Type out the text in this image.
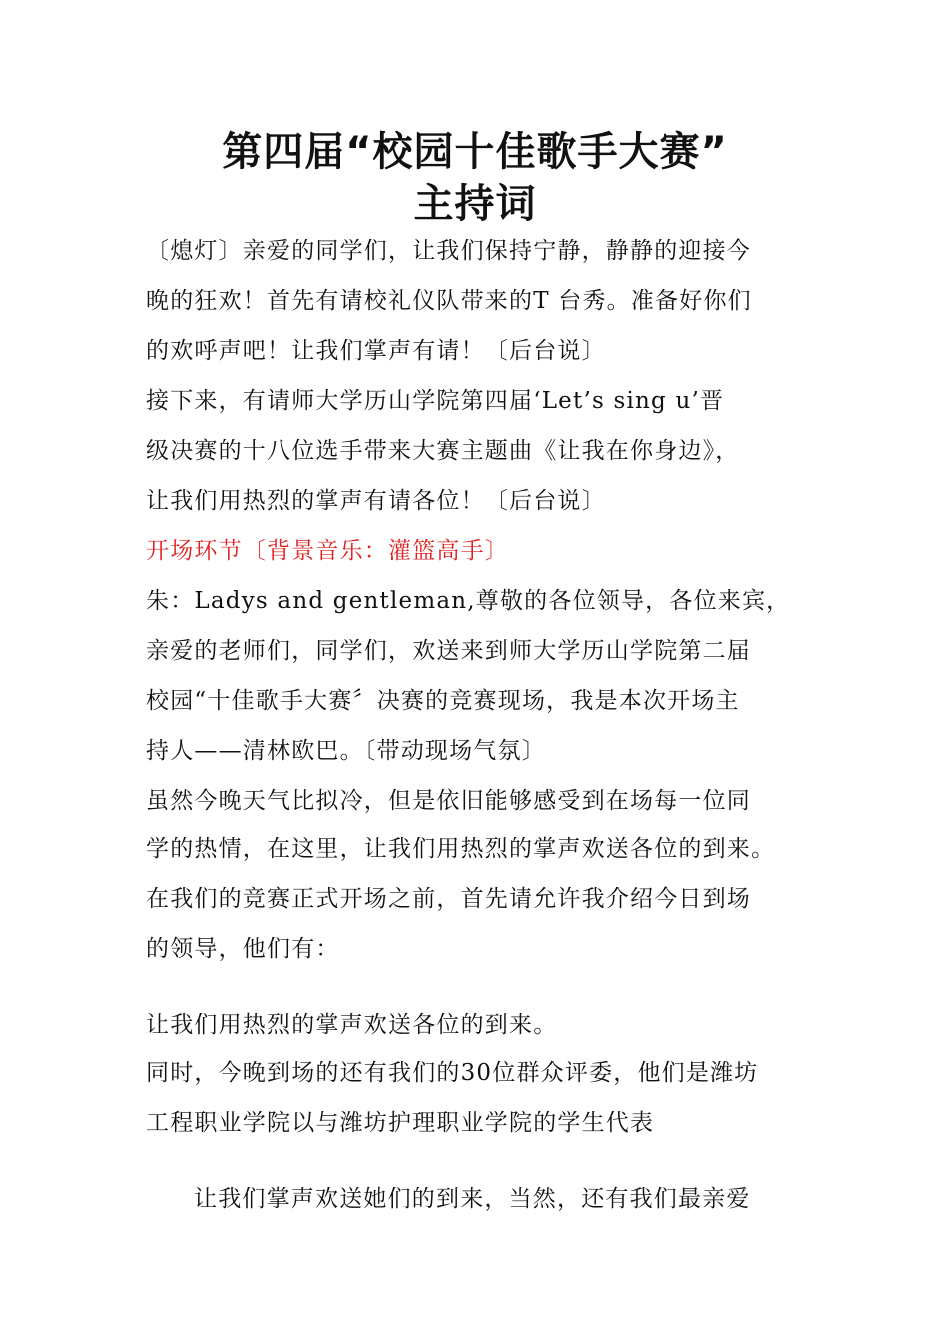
第四届“校园十佳歌手大赛”
主持词
〔熄灯〕亲爱的同学们，让我们保持宁静，静静的迎接今
晚的狂欢！首先有请校礼仪队带来的T 台秀。准备好你们
的欢呼声吧！让我们掌声有请！〔后台说〕
接下来，有请师大学历山学院第四届‘Let’s sing u’晋
级决赛的十八位选手带来大赛主题曲《让我在你身边》，
让我们用热烈的掌声有请各位！〔后台说〕
开场环节〔背景音乐：灌篮高手〕
朱：Ladys and gentleman,尊敬的各位领导，各位来宾，
亲爱的老师们，同学们，欢送来到师大学历山学院第二届
校园“十佳歌手大赛〞决赛的竞赛现场，我是本次开场主
持人——清林欧巴。〔带动现场气氛〕
虽然今晚天气比拟冷，但是依旧能够感受到在场每一位同
学的热情，在这里，让我们用热烈的掌声欢送各位的到来。
在我们的竞赛正式开场之前，首先请允许我介绍今日到场
的领导，他们有：
让我们用热烈的掌声欢送各位的到来。
同时，今晚到场的还有我们的30位群众评委，他们是潍坊
工程职业学院以与潍坊护理职业学院的学生代表
让我们掌声欢送她们的到来，当然，还有我们最亲爱
